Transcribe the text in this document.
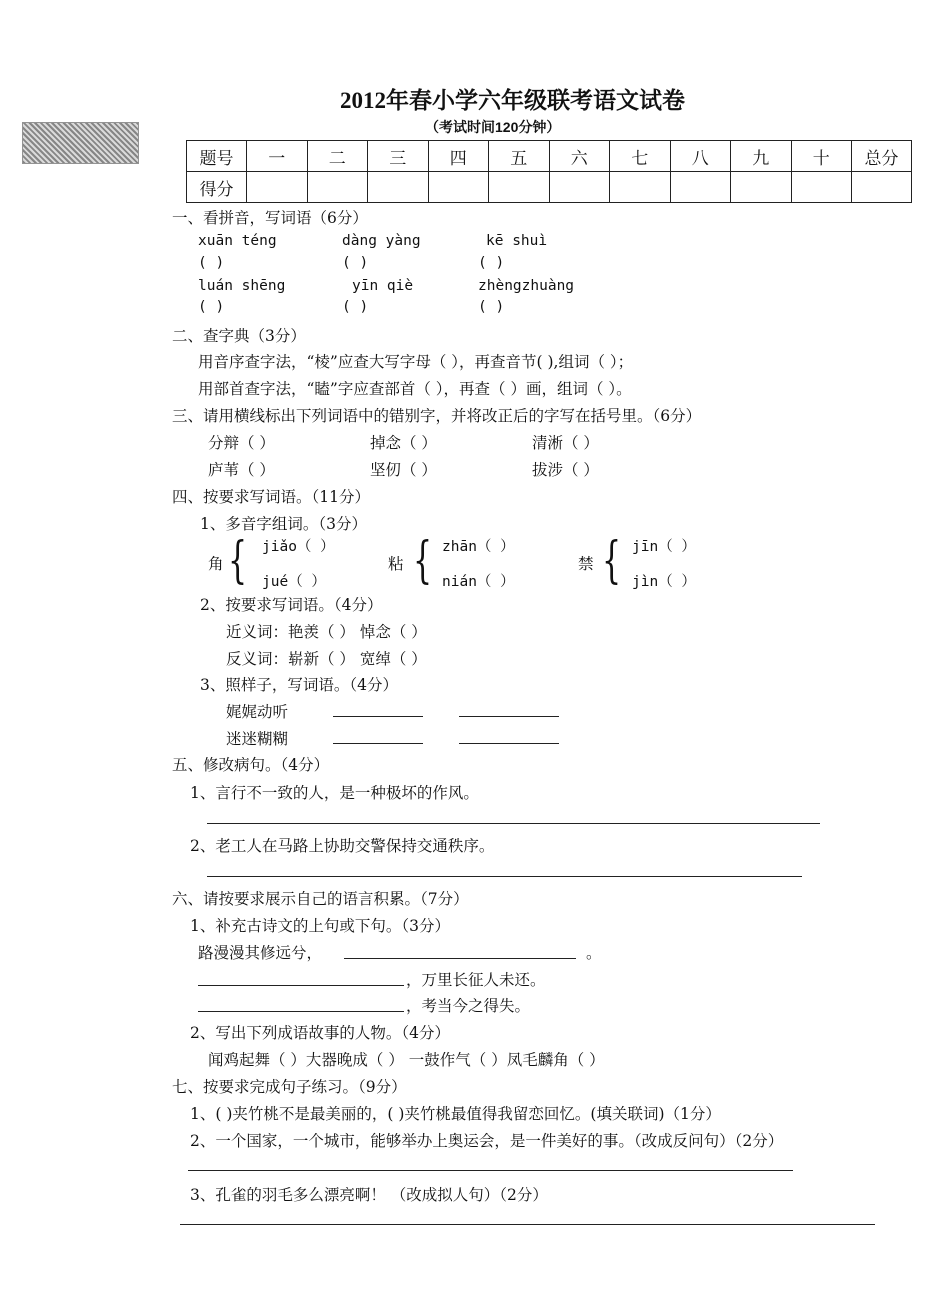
2012年春小学六年级联考语文试卷
（考试时间120分钟）
题号	一	二	三	四	五	六	七	八	九	十	总分
得分											
一、看拼音，写词语（6分）
xuān téng	dàng yàng	kē shuì
( )	( )	( )
luán shēng	yīn qiè	zhèngzhuàng
( )	( )	( )
二、查字典（3分）
用音序查字法，“棱”应查大写字母（ ），再查音节( ),组词（ ）；
用部首查字法，“瞌”字应查部首（ ），再查（ ）画，组词（ ）。
三、请用横线标出下列词语中的错别字，并将改正后的字写在括号里。（6分）
分辩（ ）	掉念（ ）	清淅（ ）
庐苇（ ）	坚仞（ ）	拔涉（ ）
四、按要求写词语。（11分）
1、多音字组词。（3分）
角 { jiǎo（ ）
jué（ ）
粘 { zhān（ ）
nián（ ）
禁 { jīn（ ）
jìn（ ）
2、按要求写词语。（4分）
近义词：艳羡（ ） 悼念（ ）
反义词：崭新（ ） 宽绰（ ）
3、照样子，写词语。（4分）
娓娓动听
迷迷糊糊
五、修改病句。（4分）
1、言行不一致的人，是一种极坏的作风。
2、老工人在马路上协助交警保持交通秩序。
六、请按要求展示自己的语言积累。（7分）
1、补充古诗文的上句或下句。（3分）
路漫漫其修远兮，	。
，万里长征人未还。
，考当今之得失。
2、写出下列成语故事的人物。（4分）
闻鸡起舞（ ）大器晚成（ ） 一鼓作气（ ）凤毛麟角（ ）
七、按要求完成句子练习。（9分）
1、( )夹竹桃不是最美丽的，( )夹竹桃最值得我留恋回忆。(填关联词)（1分）
2、一个国家，一个城市，能够举办上奥运会，是一件美好的事。（改成反问句）（2分）
3、孔雀的羽毛多么漂亮啊！ （改成拟人句）（2分）
